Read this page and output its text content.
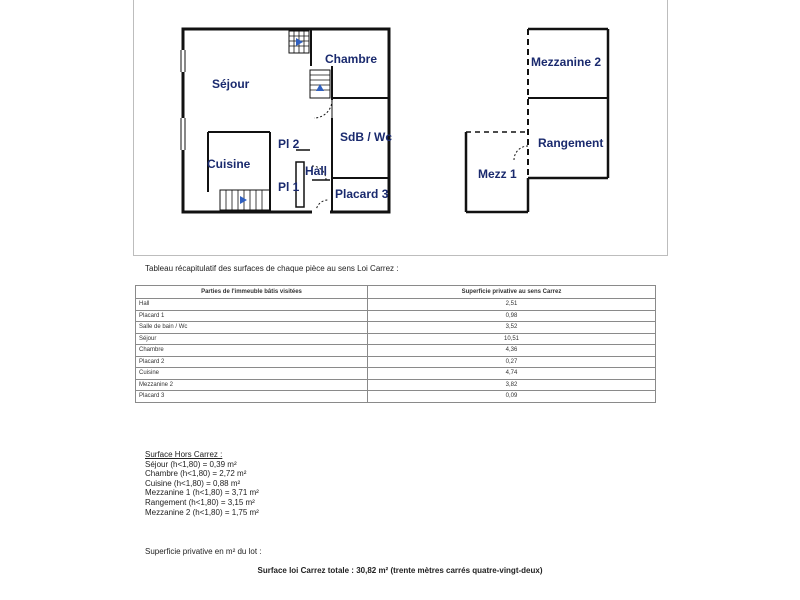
Séjour
Chambre
SdB / Wc
Cuisine
Pl 2
Hall
Pl 1	Placard 3
Mezzanine 2
Rangement
Mezz 1
Tableau récapitulatif des surfaces de chaque pièce au sens Loi Carrez :
Parties de l'immeuble bâtis visitées	Superficie privative au sens Carrez
Hall	2,51
Placard 1	0,98
Salle de bain / Wc	3,52
Séjour	10,51
Chambre	4,36
Placard 2	0,27
Cuisine	4,74
Mezzanine 2	3,82
Placard 3	0,09
Surface Hors Carrez :
Séjour (h<1,80) = 0,39 m²
Chambre (h<1,80) = 2,72 m²
Cuisine (h<1,80) = 0,88 m²
Mezzanine 1 (h<1,80) = 3,71 m²
Rangement (h<1,80) = 3,15 m²
Mezzanine 2 (h<1,80) = 1,75 m²
Superficie privative en m² du lot :
Surface loi Carrez totale : 30,82 m² (trente mètres carrés quatre-vingt-deux)
